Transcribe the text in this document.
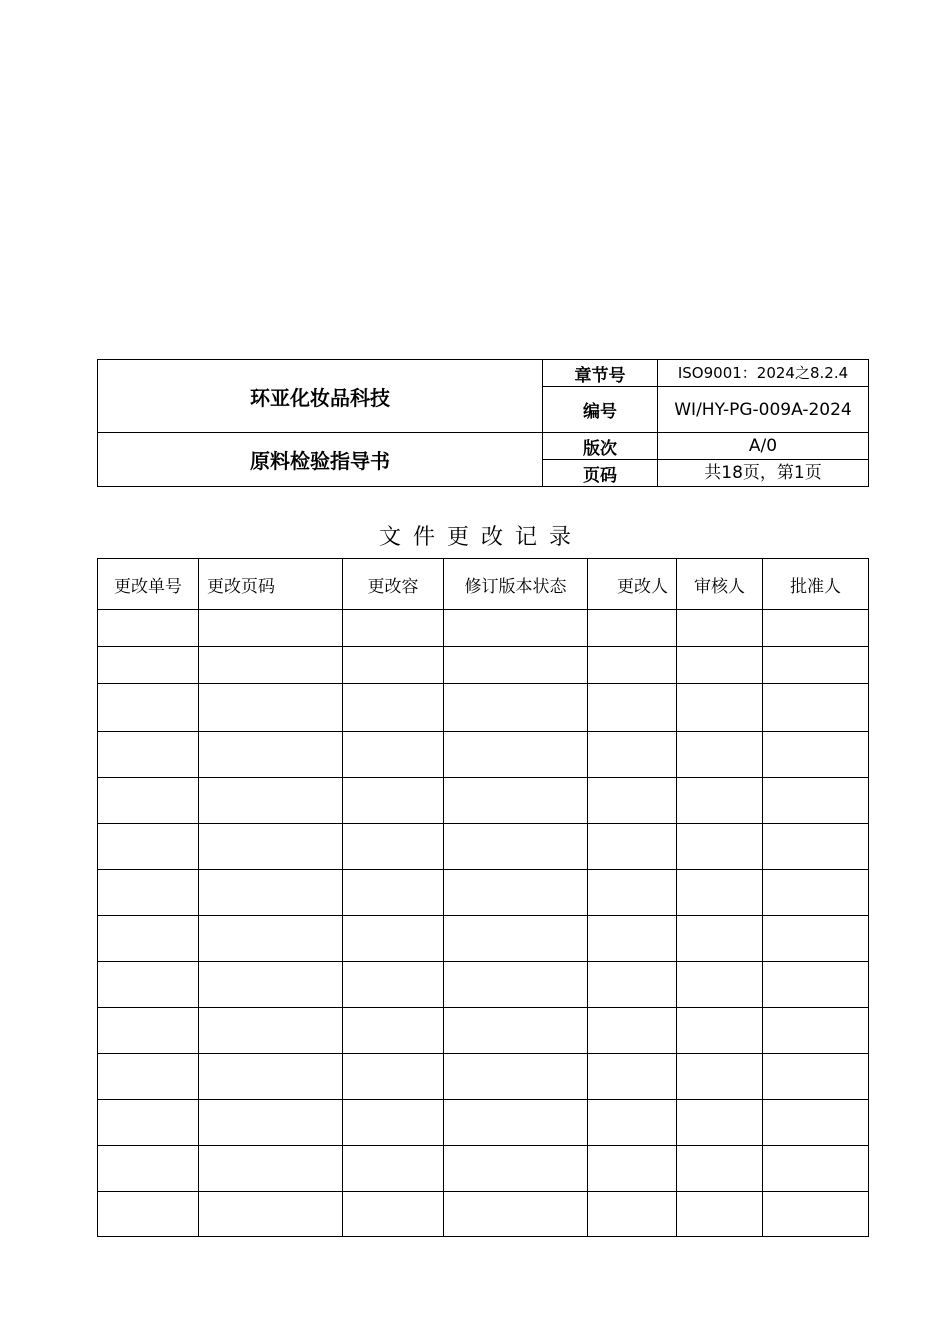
环亚化妆品科技	章节号	ISO9001：2024之8.2.4
	编号	WI/HY-PG-009A-2024
原料检验指导书	版次	A/0
	页码	共18页，第1页
文件更改记录
更改单号	更改页码	更改容	修订版本状态	更改人	审核人	批准人
